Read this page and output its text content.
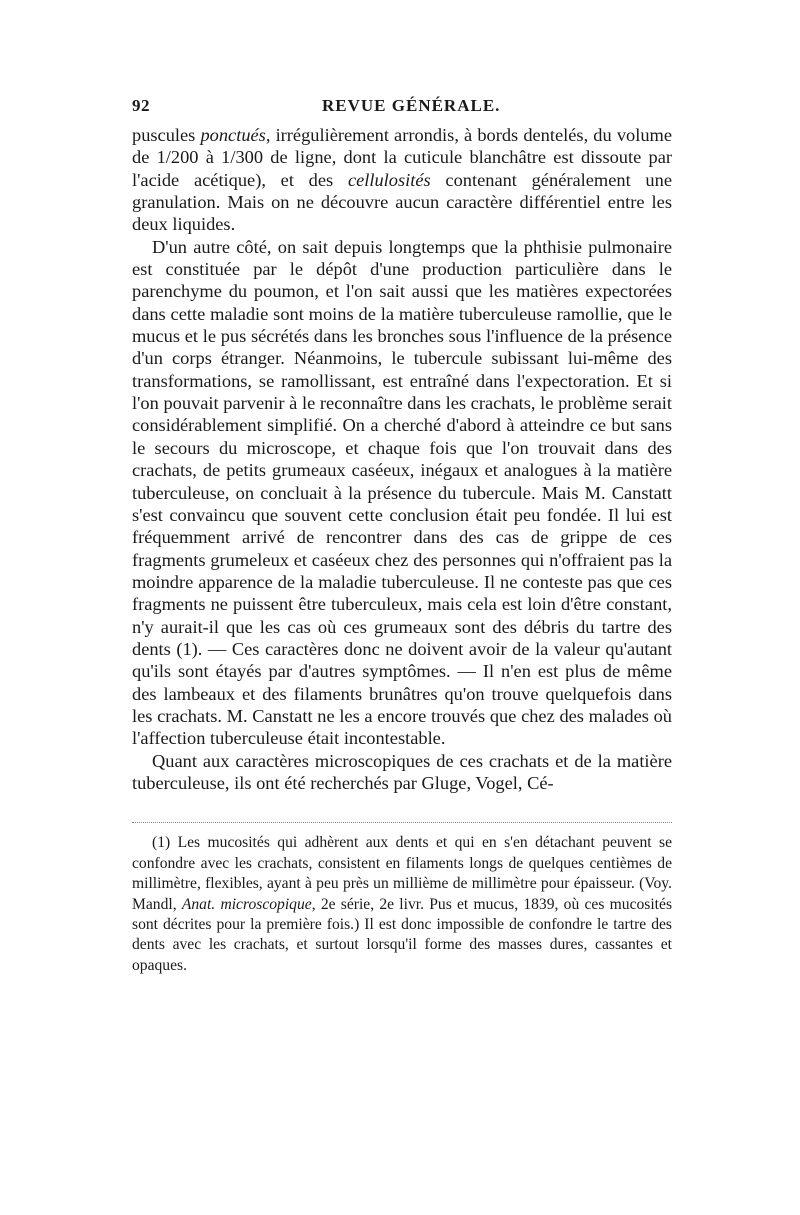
92	REVUE GÉNÉRALE.

puscules ponctués, irrégulièrement arrondis, à bords dentelés, du volume de 1/200 à 1/300 de ligne, dont la cuticule blanchâtre est dissoute par l'acide acétique), et des cellulosités contenant généralement une granulation. Mais on ne découvre aucun caractère différentiel entre les deux liquides.

D'un autre côté, on sait depuis longtemps que la phthisie pulmonaire est constituée par le dépôt d'une production particulière dans le parenchyme du poumon, et l'on sait aussi que les matières expectorées dans cette maladie sont moins de la matière tuberculeuse ramollie, que le mucus et le pus sécrétés dans les bronches sous l'influence de la présence d'un corps étranger. Néanmoins, le tubercule subissant lui-même des transformations, se ramollissant, est entraîné dans l'expectoration. Et si l'on pouvait parvenir à le reconnaître dans les crachats, le problème serait considérablement simplifié. On a cherché d'abord à atteindre ce but sans le secours du microscope, et chaque fois que l'on trouvait dans des crachats, de petits grumeaux caséeux, inégaux et analogues à la matière tuberculeuse, on concluait à la présence du tubercule. Mais M. Canstatt s'est convaincu que souvent cette conclusion était peu fondée. Il lui est fréquemment arrivé de rencontrer dans des cas de grippe de ces fragments grumeleux et caséeux chez des personnes qui n'offraient pas la moindre apparence de la maladie tuberculeuse. Il ne conteste pas que ces fragments ne puissent être tuberculeux, mais cela est loin d'être constant, n'y aurait-il que les cas où ces grumeaux sont des débris du tartre des dents (1). — Ces caractères donc ne doivent avoir de la valeur qu'autant qu'ils sont étayés par d'autres symptômes. — Il n'en est plus de même des lambeaux et des filaments brunâtres qu'on trouve quelquefois dans les crachats. M. Canstatt ne les a encore trouvés que chez des malades où l'affection tuberculeuse était incontestable.

Quant aux caractères microscopiques de ces crachats et de la matière tuberculeuse, ils ont été recherchés par Gluge, Vogel, Cé-

(1) Les mucosités qui adhèrent aux dents et qui en s'en détachant peuvent se confondre avec les crachats, consistent en filaments longs de quelques centièmes de millimètre, flexibles, ayant à peu près un millième de millimètre pour épaisseur. (Voy. Mandl, Anat. microscopique, 2e série, 2e livr. Pus et mucus, 1839, où ces mucosités sont décrites pour la première fois.) Il est donc impossible de confondre le tartre des dents avec les crachats, et surtout lorsqu'il forme des masses dures, cassantes et opaques.
